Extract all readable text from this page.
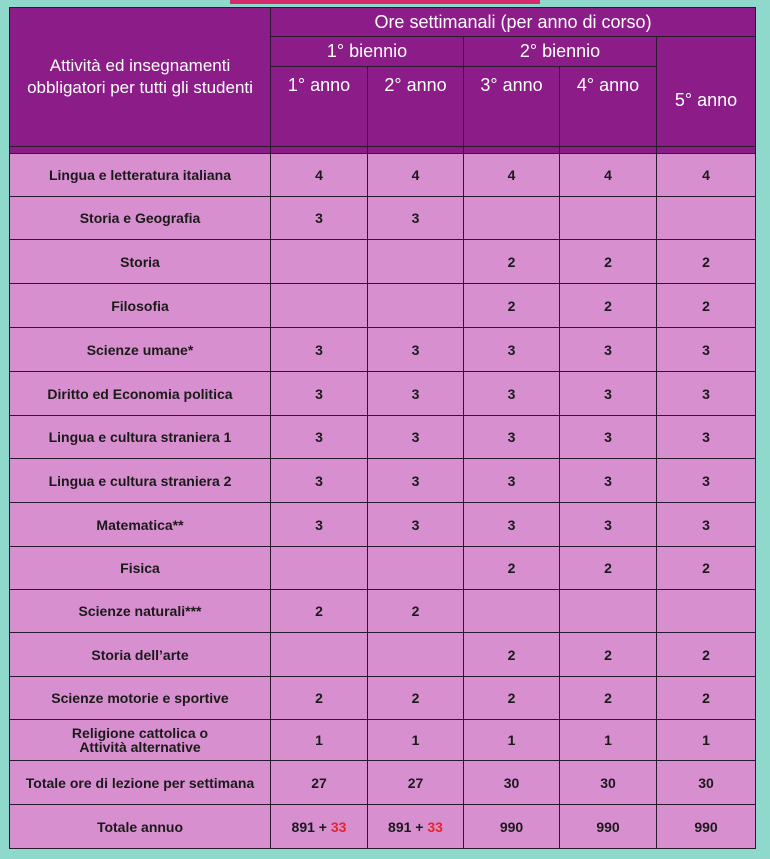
Attività ed insegnamenti obbligatori per tutti gli studenti	Ore settimanali (per anno di corso)				
	1° biennio		2° biennio		5° anno
	1° anno	2° anno	3° anno	4° anno	

Lingua e letteratura italiana	4	4	4	4	4
Storia e Geografia	3	3			
Storia			2	2	2
Filosofia			2	2	2
Scienze umane*	3	3	3	3	3
Diritto ed Economia politica	3	3	3	3	3
Lingua e cultura straniera 1	3	3	3	3	3
Lingua e cultura straniera 2	3	3	3	3	3
Matematica**	3	3	3	3	3
Fisica			2	2	2
Scienze naturali***	2	2			
Storia dell’arte			2	2	2
Scienze motorie e sportive	2	2	2	2	2

Religione cattolica o
Attività alternative	1	1	1	1	1
Totale ore di lezione per settimana	27	27	30	30	30
Totale annuo	891 + 33	891 + 33	990	990	990
